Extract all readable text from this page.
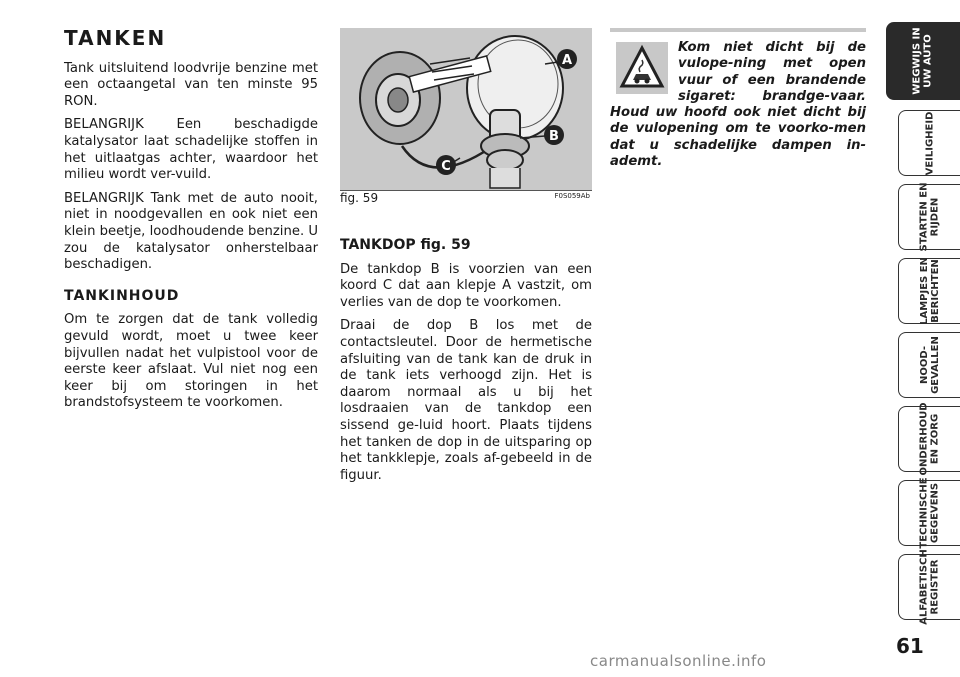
TANKEN

Tank uitsluitend loodvrije benzine met een octaangetal van ten minste 95 RON.

BELANGRIJK Een beschadigde katalysator laat schadelijke stoffen in het uitlaatgas achter, waardoor het milieu wordt ver-vuild.

BELANGRIJK Tank met de auto nooit, niet in noodgevallen en ook niet een klein beetje, loodhoudende benzine. U zou de katalysator onherstelbaar beschadigen.

TANKINHOUD

Om te zorgen dat de tank volledig gevuld wordt, moet u twee keer bijvullen nadat het vulpistool voor de eerste keer afslaat. Vul niet nog een keer bij om storingen in het brandstofsysteem te voorkomen.

A
B
C
fig. 59	F0S059Ab
TANKDOP fig. 59

De tankdop B is voorzien van een koord C dat aan klepje A vastzit, om verlies van de dop te voorkomen.

Draai de dop B los met de contactsleutel. Door de hermetische afsluiting van de tank kan de druk in de tank iets verhoogd zijn. Het is daarom normaal als u bij het losdraaien van de tankdop een sissend ge-luid hoort. Plaats tijdens het tanken de dop in de uitsparing op het tankklepje, zoals af-gebeeld in de figuur.

Kom niet dicht bij de vulope-ning met open vuur of een brandende sigaret: brandge-vaar. Houd uw hoofd ook niet dicht bij de vulopening om te voorko-men dat u schadelijke dampen in-ademt.

WEGWIJS IN
UW AUTO
VEILIGHEID
STARTEN EN
RIJDEN
LAMPJES EN
BERICHTEN
NOOD-
GEVALLEN
ONDERHOUD
EN ZORG
TECHNISCHE
GEGEVENS
ALFABETISCH
REGISTER
61
carmanualsonline.info
